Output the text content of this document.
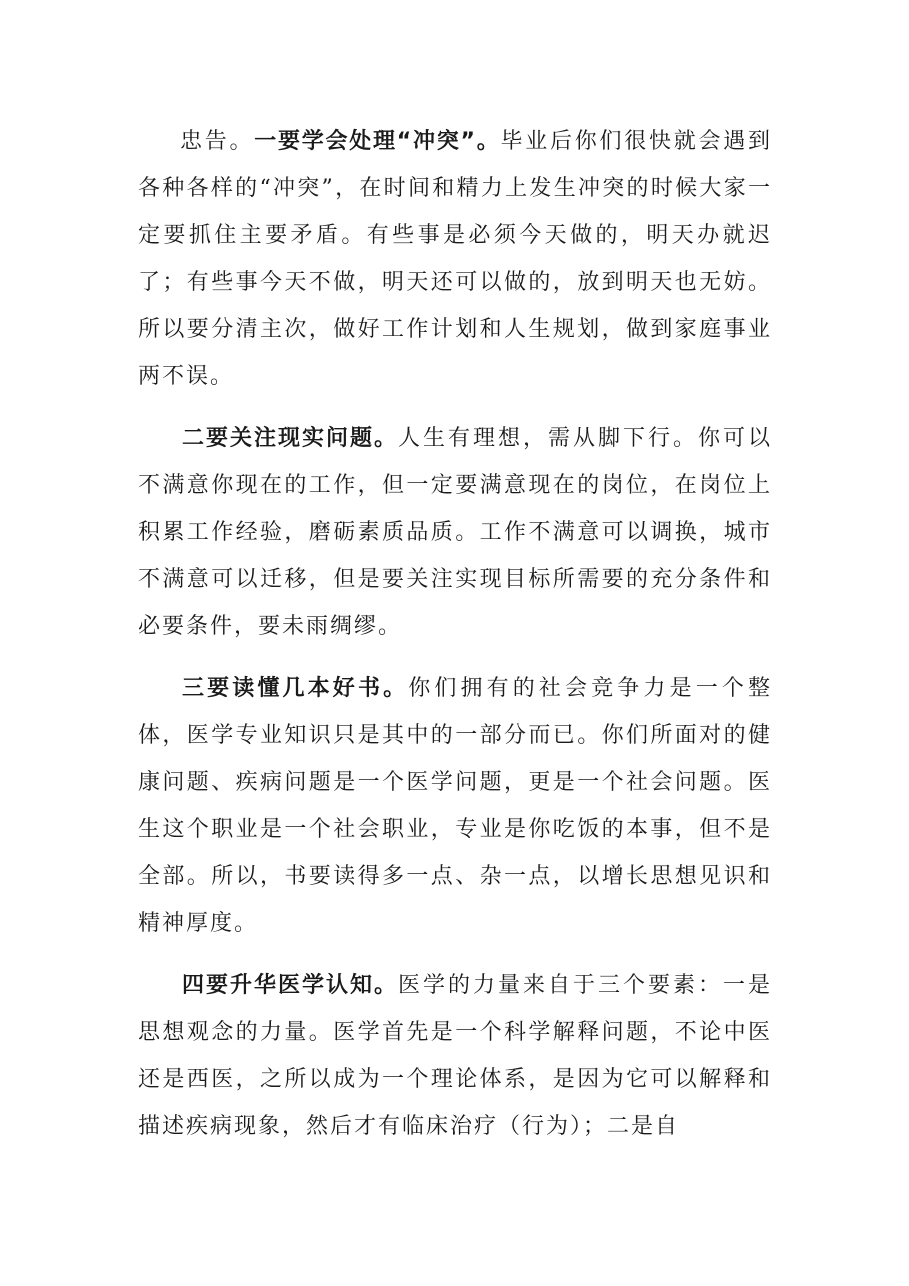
忠告。一要学会处理“冲突”。毕业后你们很快就会遇到各种各样的“冲突”，在时间和精力上发生冲突的时候大家一定要抓住主要矛盾。有些事是必须今天做的，明天办就迟了；有些事今天不做，明天还可以做的，放到明天也无妨。所以要分清主次，做好工作计划和人生规划，做到家庭事业两不误。

二要关注现实问题。人生有理想，需从脚下行。你可以不满意你现在的工作，但一定要满意现在的岗位，在岗位上积累工作经验，磨砺素质品质。工作不满意可以调换，城市不满意可以迁移，但是要关注实现目标所需要的充分条件和必要条件，要未雨绸缪。

三要读懂几本好书。你们拥有的社会竞争力是一个整体，医学专业知识只是其中的一部分而已。你们所面对的健康问题、疾病问题是一个医学问题，更是一个社会问题。医生这个职业是一个社会职业，专业是你吃饭的本事，但不是全部。所以，书要读得多一点、杂一点，以增长思想见识和精神厚度。

四要升华医学认知。医学的力量来自于三个要素：一是思想观念的力量。医学首先是一个科学解释问题，不论中医还是西医，之所以成为一个理论体系，是因为它可以解释和描述疾病现象，然后才有临床治疗（行为）；二是自
